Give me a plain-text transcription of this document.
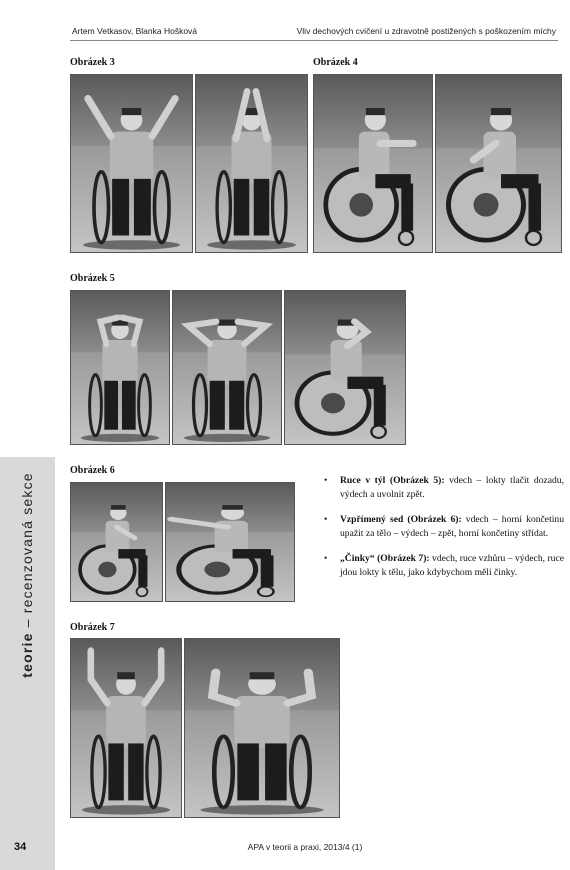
Artem Vetkasov, Blanka Hošková	Vliv dechových cvičení u zdravotně postižených s poškozením míchy
teorie – recenzovaná sekce
Obrázek 3	Obrázek 4
Obrázek 5
Obrázek 6
• Ruce v týl (Obrázek 5): vdech – lokty tlačit dozadu, výdech a uvolnit zpět.
• Vzpřímený sed (Obrázek 6): vdech – horní končetinu upažit za tělo – výdech – zpět, horní končetiny střídat.
• „Činky“ (Obrázek 7): vdech, ruce vzhůru – výdech, ruce jdou lokty k tělu, jako kdybychom měli činky.
Obrázek 7
34	APA v teorii a praxi, 2013/4 (1)
